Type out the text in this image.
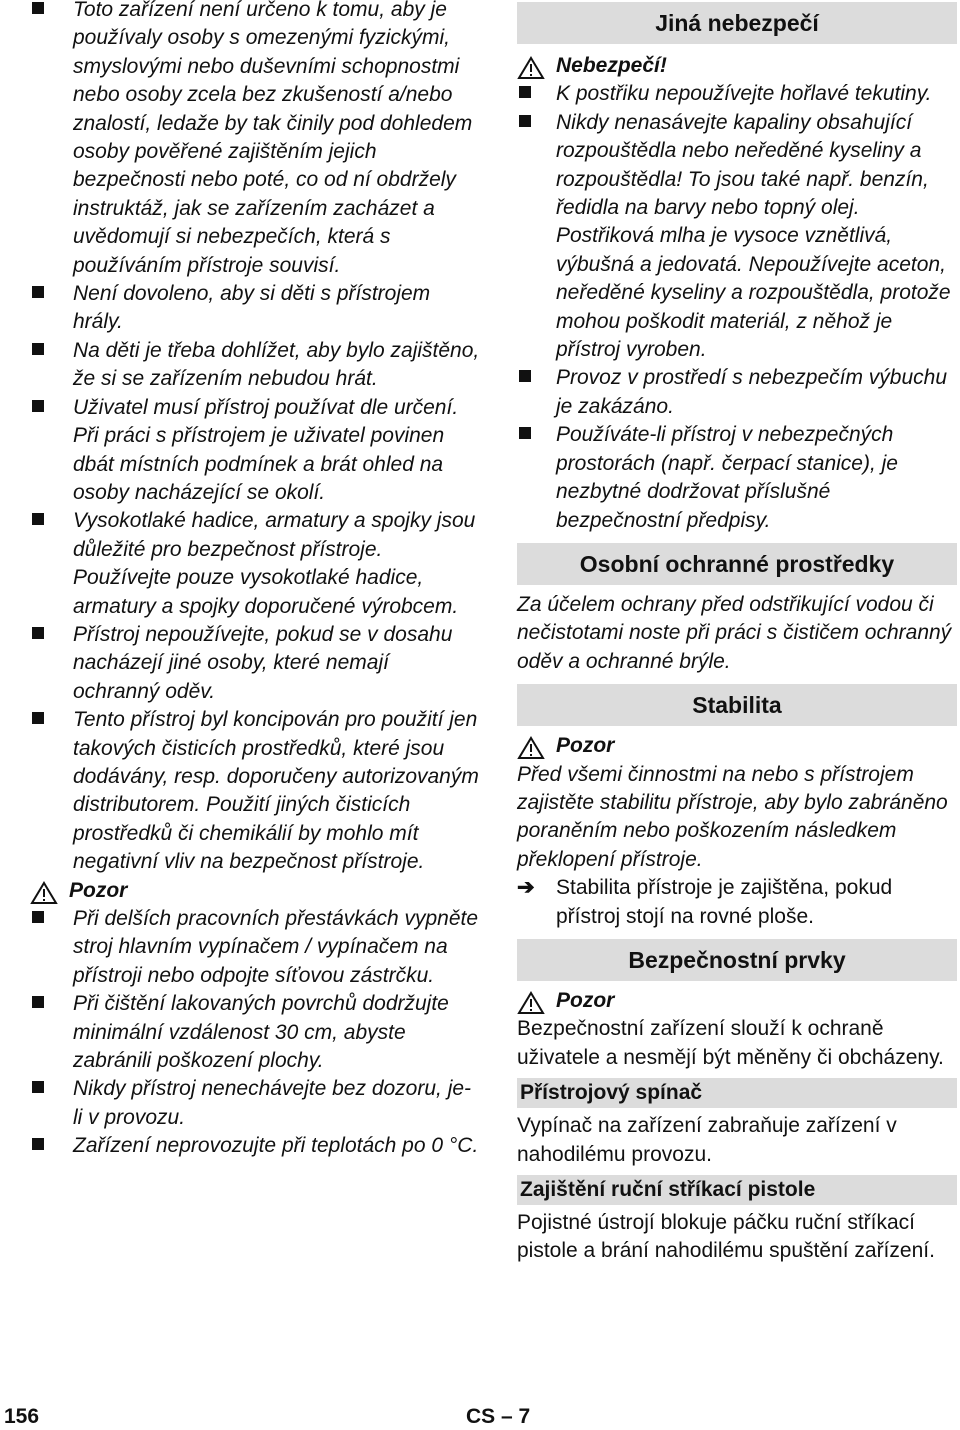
Toto zařízení není určeno k tomu, aby je používaly osoby s omezenými fyzickými, smyslovými nebo duševními schopnostmi nebo osoby zcela bez zkušeností a/nebo znalostí, ledaže by tak činily pod dohledem osoby pověřené zajištěním jejich bezpečnosti nebo poté, co od ní obdržely instruktáž, jak se zařízením zacházet a uvědomují si nebezpečích, která s používáním přístroje souvisí.

Není dovoleno, aby si děti s přístrojem hrály.

Na děti je třeba dohlížet, aby bylo zajištěno, že si se zařízením nebudou hrát.

Uživatel musí přístroj používat dle určení. Při práci s přístrojem je uživatel povinen dbát místních podmínek a brát ohled na osoby nacházející se okolí.

Vysokotlaké hadice, armatury a spojky jsou důležité pro bezpečnost přístroje. Používejte pouze vysokotlaké hadice, armatury a spojky doporučené výrobcem.

Přístroj nepoužívejte, pokud se v dosahu nacházejí jiné osoby, které nemají ochranný oděv.

Tento přístroj byl koncipován pro použití jen takových čisticích prostředků, které jsou dodávány, resp. doporučeny autorizovaným distributorem. Použití jiných čisticích prostředků či chemikálií by mohlo mít negativní vliv na bezpečnost přístroje.

Pozor

Při delších pracovních přestávkách vypněte stroj hlavním vypínačem / vypínačem na přístroji nebo odpojte síťovou zástrčku.

Při čištění lakovaných povrchů dodržujte minimální vzdálenost 30 cm, abyste zabránili poškození plochy.

Nikdy přístroj nenechávejte bez dozoru, je-li v provozu.

Zařízení neprovozujte při teplotách po 0 °C.

Jiná nebezpečí

Nebezpečí!

K postřiku nepoužívejte hořlavé tekutiny.

Nikdy nenasávejte kapaliny obsahující rozpouštědla nebo neředěné kyseliny a rozpouštědla! To jsou také např. benzín, ředidla na barvy nebo topný olej. Postřiková mlha je vysoce vznětlivá, výbušná a jedovatá. Nepoužívejte aceton, neředěné kyseliny a rozpouštědla, protože mohou poškodit materiál, z něhož je přístroj vyroben.

Provoz v prostředí s nebezpečím výbuchu je zakázáno.

Používáte-li přístroj v nebezpečných prostorách (např. čerpací stanice), je nezbytné dodržovat příslušné bezpečnostní předpisy.

Osobní ochranné prostředky

Za účelem ochrany před odstřikující vodou či nečistotami noste při práci s čističem ochranný oděv a ochranné brýle.

Stabilita

Pozor

Před všemi činnostmi na nebo s přístrojem zajistěte stabilitu přístroje, aby bylo zabráněno poraněním nebo poškozením následkem překlopení přístroje.

➔ Stabilita přístroje je zajištěna, pokud přístroj stojí na rovné ploše.

Bezpečnostní prvky

Pozor

Bezpečnostní zařízení slouží k ochraně uživatele a nesmějí být měněny či obcházeny.

Přístrojový spínač

Vypínač na zařízení zabraňuje zařízení v nahodilému provozu.

Zajištění ruční stříkací pistole

Pojistné ústrojí blokuje páčku ruční stříkací pistole a brání nahodilému spuštění zařízení.

156	CS – 7
